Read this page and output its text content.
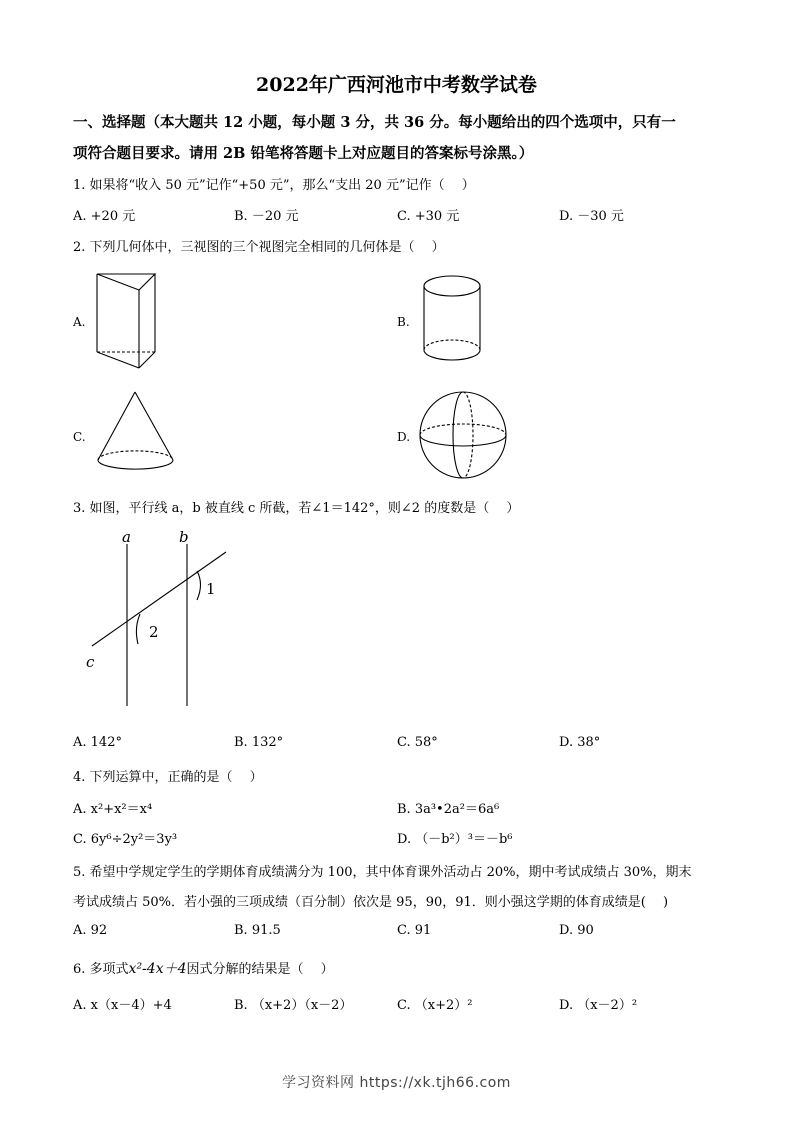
2022年广西河池市中考数学试卷
一、选择题（本大题共 12 小题，每小题 3 分，共 36 分。每小题给出的四个选项中，只有一
项符合题目要求。请用 2B 铅笔将答题卡上对应题目的答案标号涂黑。）
1. 如果将“收入 50 元”记作“+50 元”，那么“支出 20 元”记作（　 ）
A. +20 元	B. －20 元	C. +30 元	D. －30 元
2. 下列几何体中，三视图的三个视图完全相同的几何体是（　 ）
A.	B.
C.	D.
3. 如图，平行线 a，b 被直线 c 所截，若∠1＝142°，则∠2 的度数是（　 ）
a	b
c
1
2
A. 142°	B. 132°	C. 58°	D. 38°
4. 下列运算中，正确的是（　 ）
A. x²+x²＝x⁴	B. 3a³•2a²＝6a⁶
C. 6y⁶÷2y²＝3y³	D. （－b²）³＝－b⁶
5. 希望中学规定学生的学期体育成绩满分为 100，其中体育课外活动占 20%，期中考试成绩占 30%，期末
考试成绩占 50%．若小强的三项成绩（百分制）依次是 95，90，91．则小强这学期的体育成绩是(　 )
A. 92	B. 91.5	C. 91	D. 90
6. 多项式x²-4x＋4因式分解的结果是（　 ）
A. x（x－4）+4	B. （x+2）（x－2）	C. （x+2）²	D. （x－2）²
学习资料网 https://xk.tjh66.com
